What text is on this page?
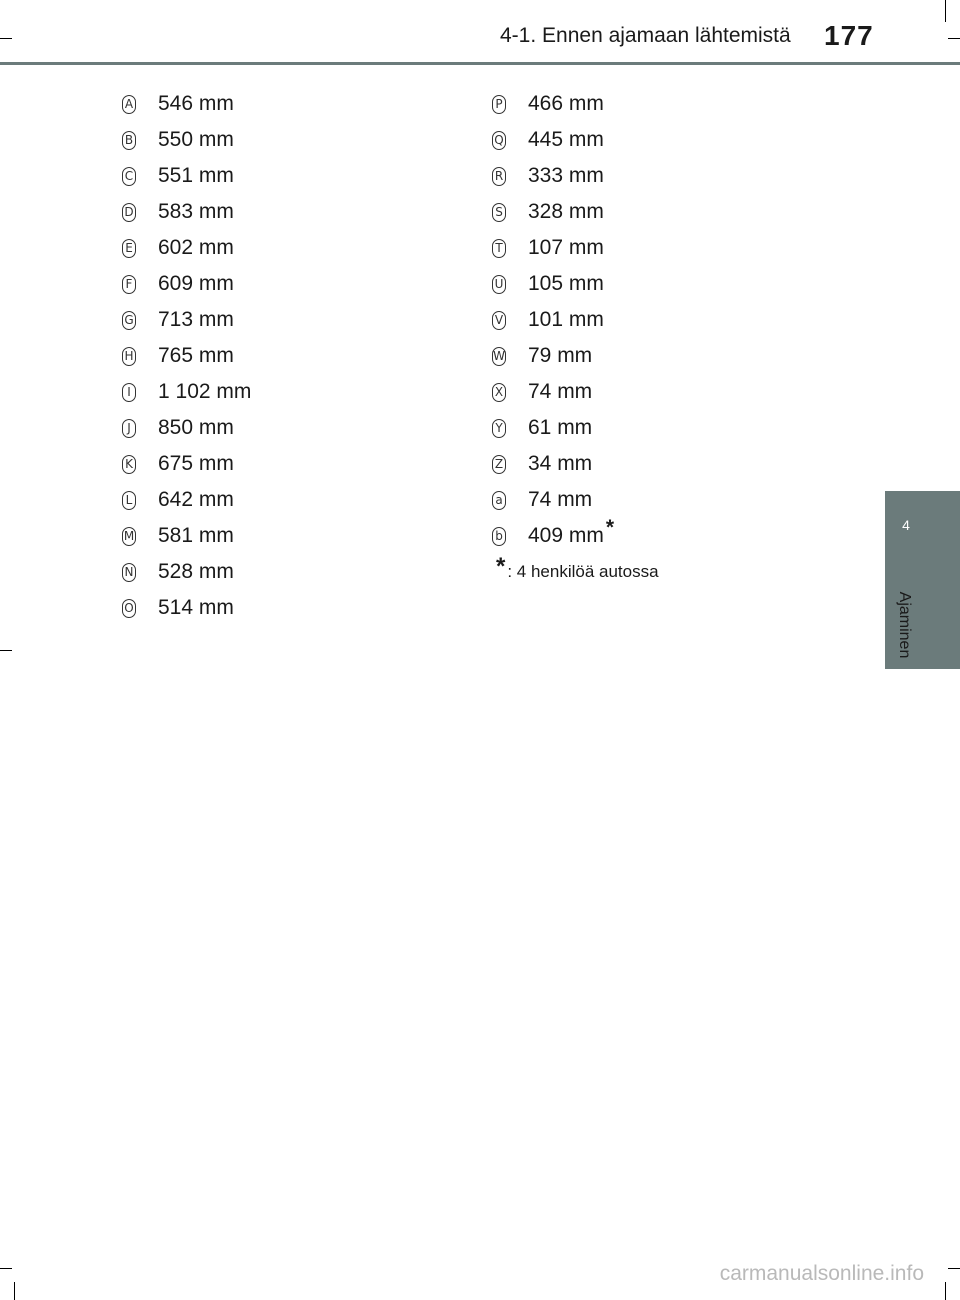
4-1. Ennen ajamaan lähtemistä 177
4
Ajaminen
A 546 mm
B 550 mm
C 551 mm
D 583 mm
E 602 mm
F 609 mm
G 713 mm
H 765 mm
I 1 102 mm
J 850 mm
K 675 mm
L 642 mm
M 581 mm
N 528 mm
O 514 mm
P 466 mm
Q 445 mm
R 333 mm
S 328 mm
T 107 mm
U 105 mm
V 101 mm
W 79 mm
X 74 mm
Y 61 mm
Z 34 mm
a 74 mm
b 409 mm*
* : 4 henkilöä autossa
carmanualsonline.info
